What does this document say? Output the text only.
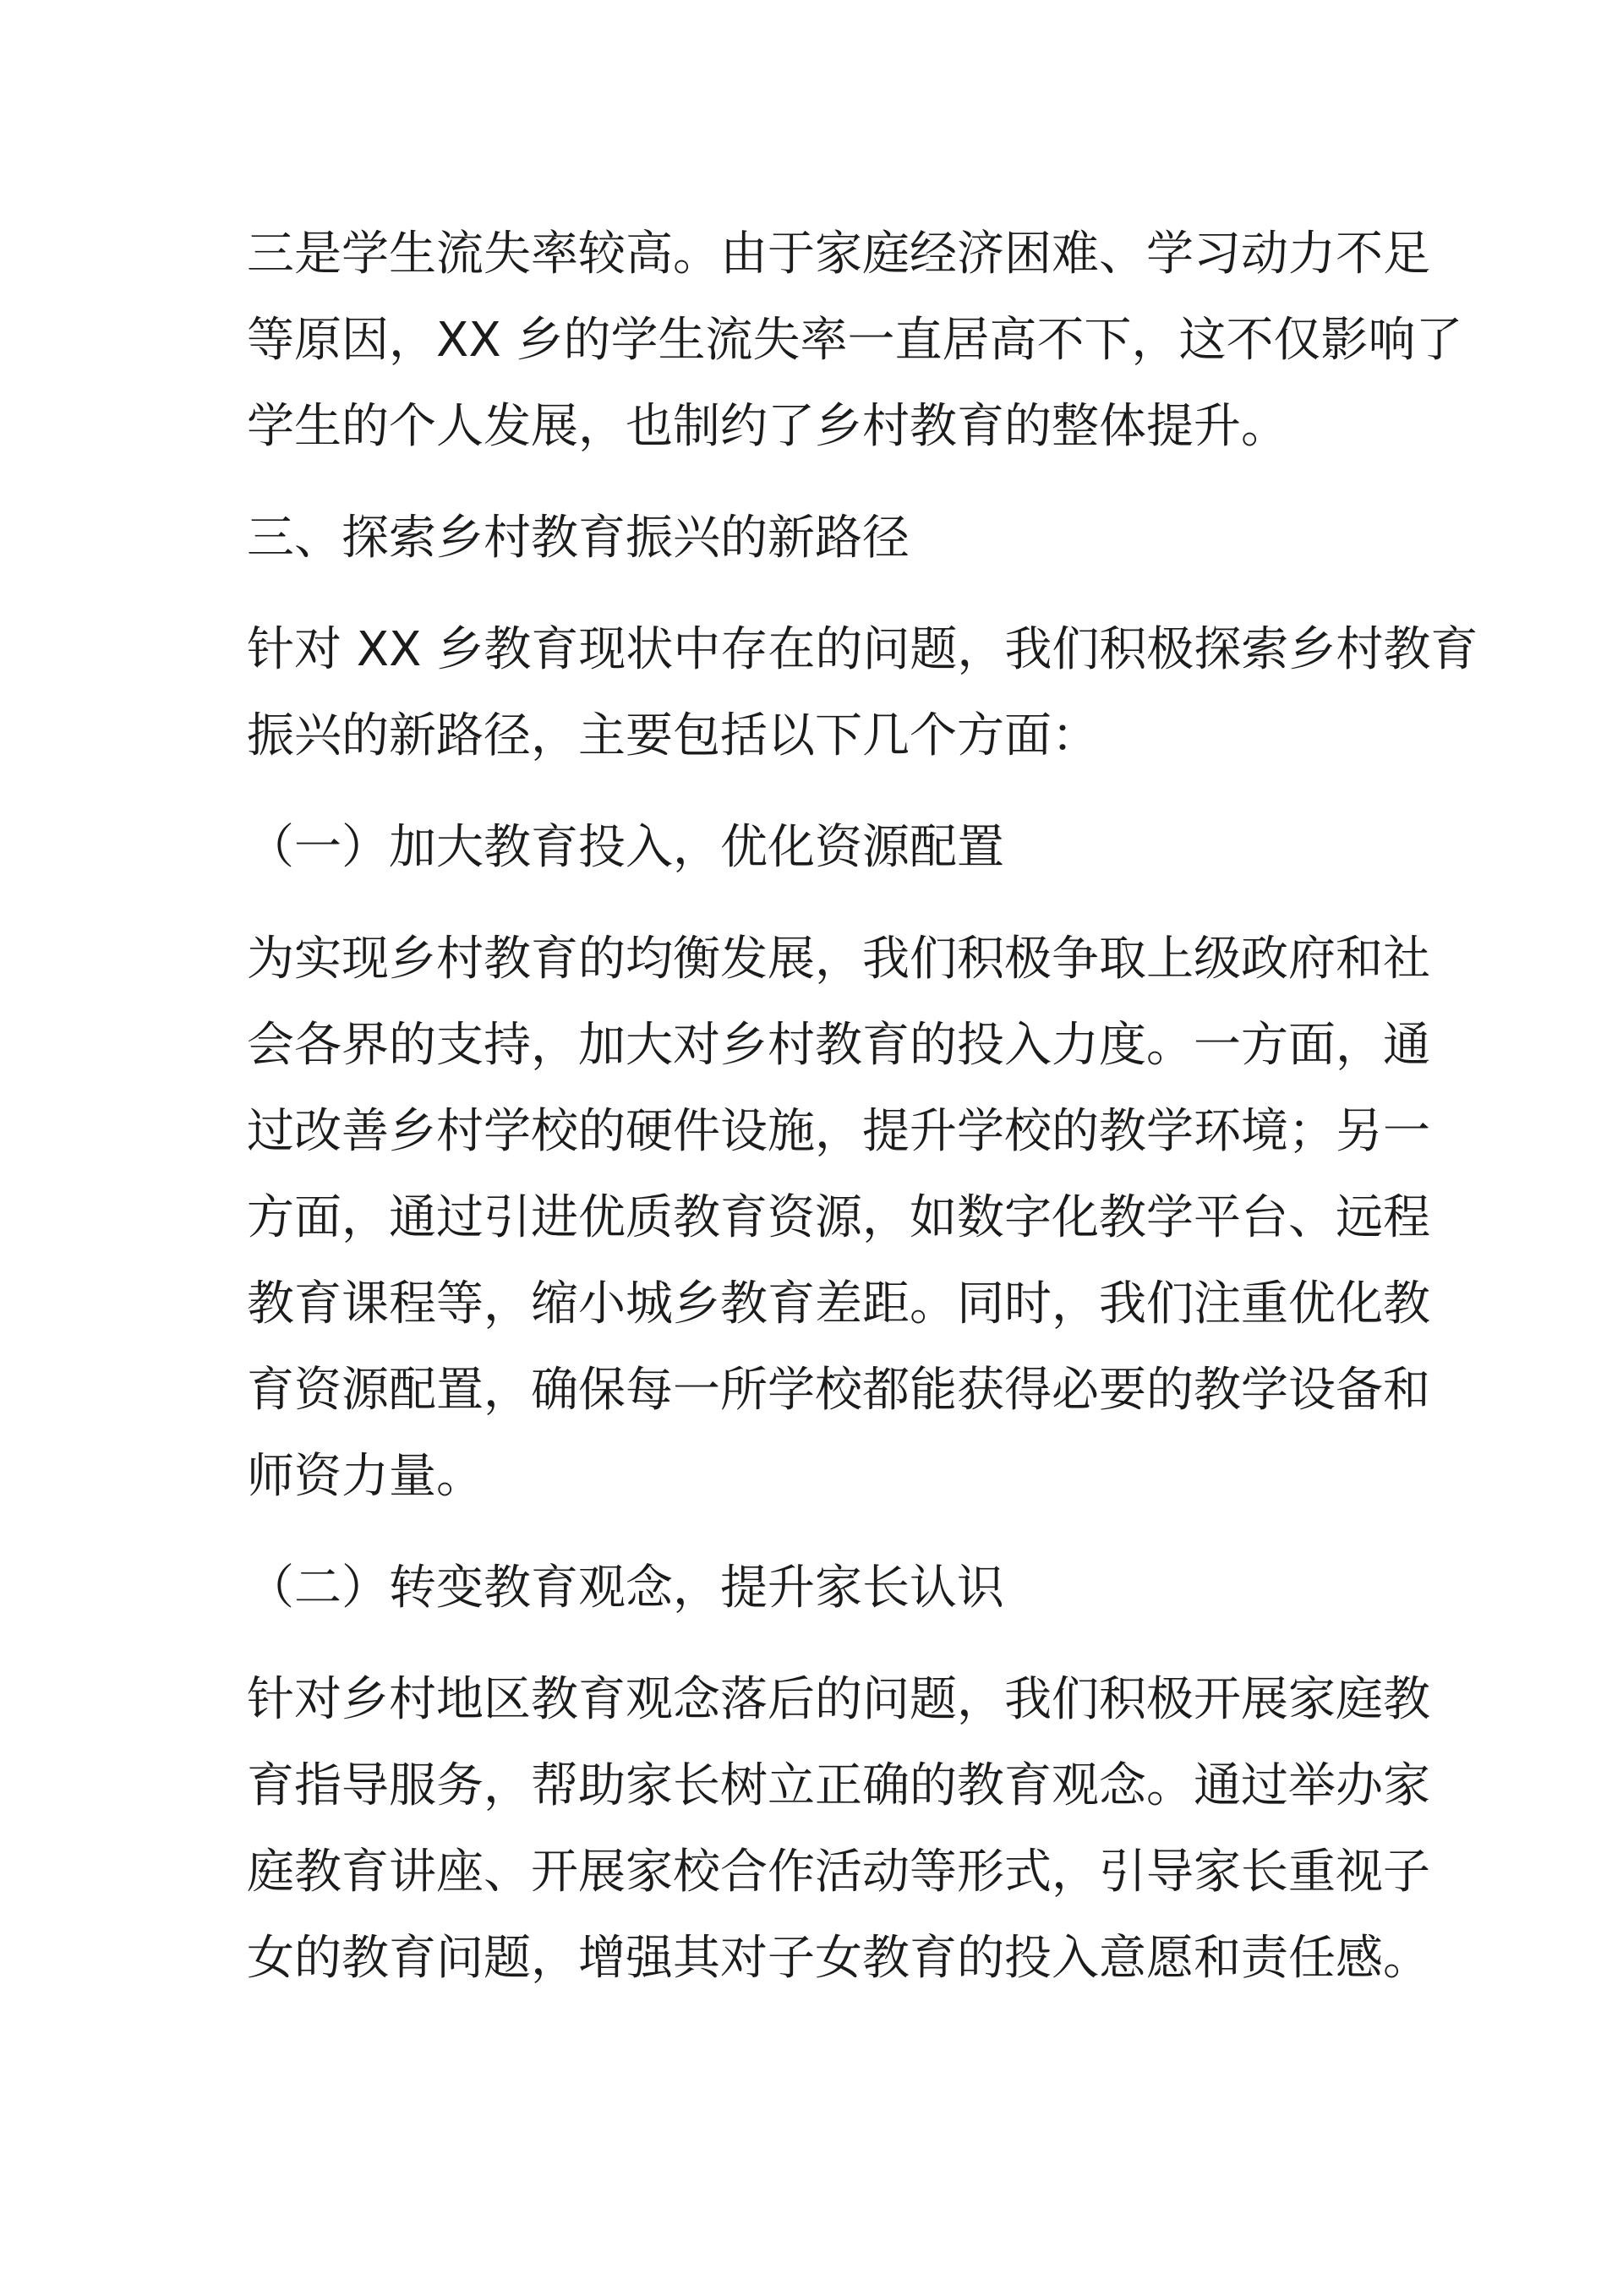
三是学生流失率较高。由于家庭经济困难、学习动力不足
等原因，XX 乡的学生流失率一直居高不下，这不仅影响了
学生的个人发展，也制约了乡村教育的整体提升。

三、探索乡村教育振兴的新路径

针对 XX 乡教育现状中存在的问题，我们积极探索乡村教育
振兴的新路径，主要包括以下几个方面：

（一）加大教育投入，优化资源配置

为实现乡村教育的均衡发展，我们积极争取上级政府和社
会各界的支持，加大对乡村教育的投入力度。一方面，通
过改善乡村学校的硬件设施，提升学校的教学环境；另一
方面，通过引进优质教育资源，如数字化教学平台、远程
教育课程等，缩小城乡教育差距。同时，我们注重优化教
育资源配置，确保每一所学校都能获得必要的教学设备和
师资力量。

（二）转变教育观念，提升家长认识

针对乡村地区教育观念落后的问题，我们积极开展家庭教
育指导服务，帮助家长树立正确的教育观念。通过举办家
庭教育讲座、开展家校合作活动等形式，引导家长重视子
女的教育问题，增强其对子女教育的投入意愿和责任感。
